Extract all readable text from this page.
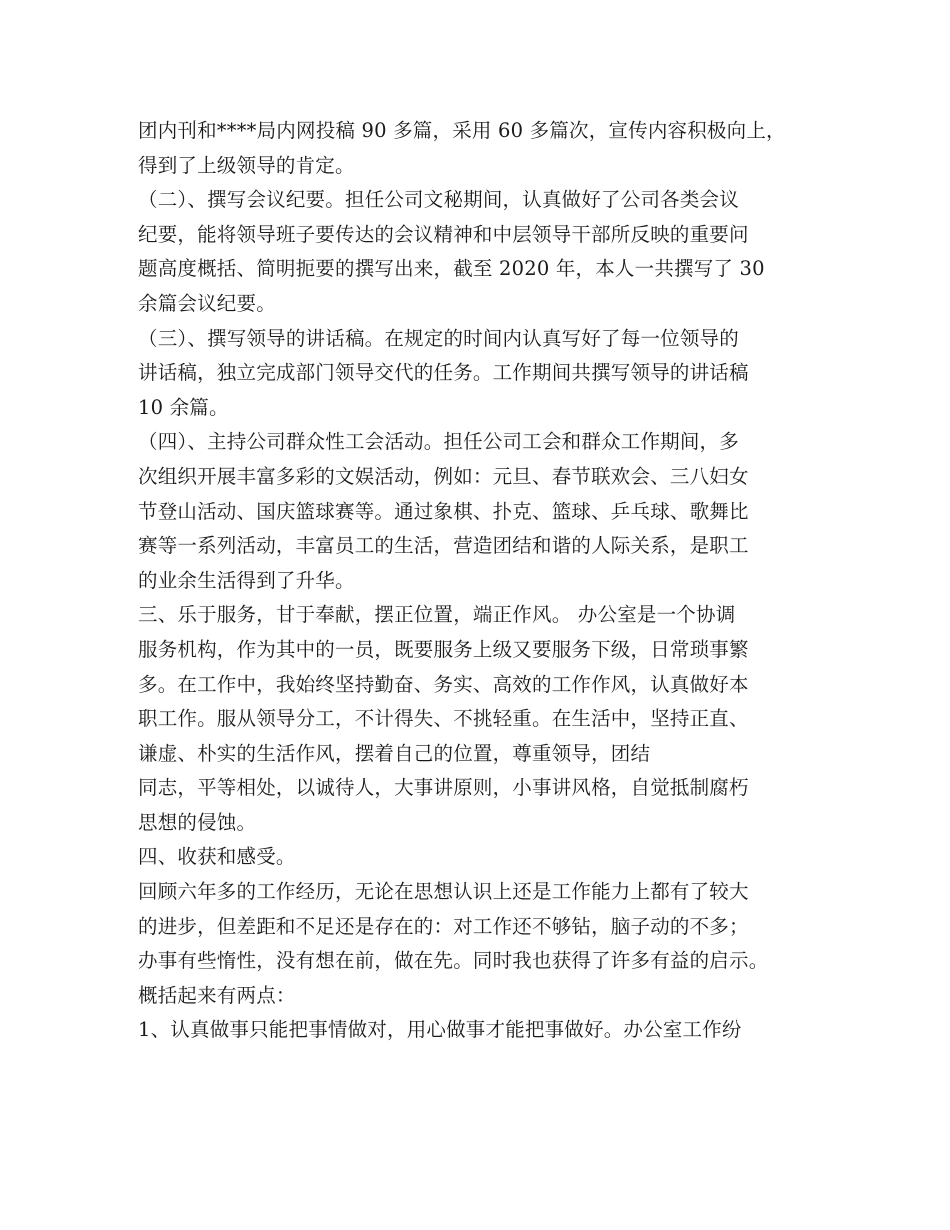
团内刊和****局内网投稿 90 多篇，采用 60 多篇次，宣传内容积极向上，
得到了上级领导的肯定。
（二）、撰写会议纪要。担任公司文秘期间，认真做好了公司各类会议
纪要，能将领导班子要传达的会议精神和中层领导干部所反映的重要问
题高度概括、简明扼要的撰写出来，截至 2020 年，本人一共撰写了 30
余篇会议纪要。
（三）、撰写领导的讲话稿。在规定的时间内认真写好了每一位领导的
讲话稿，独立完成部门领导交代的任务。工作期间共撰写领导的讲话稿
10 余篇。
（四）、主持公司群众性工会活动。担任公司工会和群众工作期间，多
次组织开展丰富多彩的文娱活动，例如：元旦、春节联欢会、三八妇女
节登山活动、国庆篮球赛等。通过象棋、扑克、篮球、乒乓球、歌舞比
赛等一系列活动，丰富员工的生活，营造团结和谐的人际关系，是职工
的业余生活得到了升华。
三、乐于服务，甘于奉献，摆正位置，端正作风。 办公室是一个协调
服务机构，作为其中的一员，既要服务上级又要服务下级，日常琐事繁
多。在工作中，我始终坚持勤奋、务实、高效的工作作风，认真做好本
职工作。服从领导分工，不计得失、不挑轻重。在生活中，坚持正直、
谦虚、朴实的生活作风，摆着自己的位置，尊重领导，团结
同志，平等相处，以诚待人，大事讲原则，小事讲风格，自觉抵制腐朽
思想的侵蚀。
四、收获和感受。
回顾六年多的工作经历，无论在思想认识上还是工作能力上都有了较大
的进步，但差距和不足还是存在的：对工作还不够钻，脑子动的不多；
办事有些惰性，没有想在前，做在先。同时我也获得了许多有益的启示。
概括起来有两点：
1、认真做事只能把事情做对，用心做事才能把事做好。办公室工作纷
